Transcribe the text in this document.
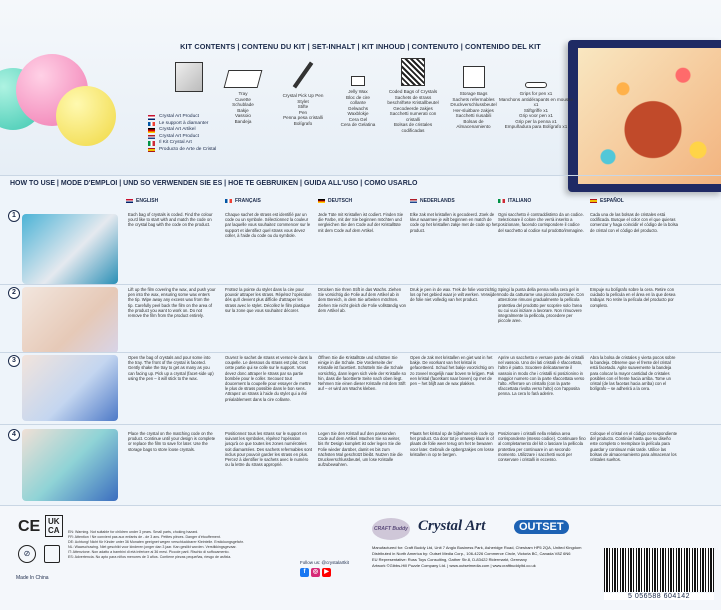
KIT CONTENTS | CONTENU DU KIT | SET-INHALT | KIT INHOUD | CONTENUTO | CONTENIDO DEL KIT
Tray
Cuvette
Schublade
Bakje
Vassoio
Bandeja
Crystal Pick Up Pen
Stylet
Stifte
Pen
Penna pesa cristalli
Bolígrafo
Jelly Wax
Bloc de cire collante
Gelwachs
Waxblokje
Cera Gel
Cera de Gelatina
Coded Bags of Crystals
Sachets de strass
beschriftete Kristallbeutel
Gecodeerde zakjes
Sacchetti numerati con cristalli
Bolsas de cristales codificadas
Storage Bags
Sachets refermables
Druckverschlussbeutel
Her-sluitbare zakjes
Sacchetti riusabili
Bolsas de Almacenamiento
Grips for pen x1
Manchons antidérapants en mousse x1
Stiftgriffe x1
Grip voor pen x1
Grip per la penna x1
Empuñadura para Bolígrafo x1
Crystal Art Product
Le support à diamanter
Crystal Art Artikel
Crystal Art Product
Il Kit Crystal Art
Producto de Arte de Cristal
HOW TO USE | MODE D'EMPLOI | UND SO VERWENDEN SIE ES | HOE TE GEBRUIKEN | GUIDA ALL'USO | COMO USARLO
ENGLISH	FRANÇAIS	DEUTSCH	NEDERLANDS	ITALIANO	ESPAÑOL
1	Each bag of crystals is coded. Find the colour you'd like to start with and match the code on the crystal bag with the code on the product.
Chaque sachet de strass est identifié par un code ou un symbole. Sélectionnez la couleur par laquelle vous souhaitez commencer sur le support et identifiez quel strass vous devez coller, à l'aide du code ou du symbole.
Jede Tüte mit Kristallen ist codiert. Finden Sie die Farbe, mit der Sie beginnen möchten und vergleichen Sie den Code auf der Kristalltüte mit dem Code auf dem Artikel.
Elke zak met kristallen is gecodeerd. Zoek de kleur waarmee je wilt beginnen en match de code op het kristallen zakje met de code op het product.
Ogni sacchetto è contraddistinto da un codice. Selezionare il colore che verrà inserito a posizionare, facendo corrispondere il codice del sacchetto al codice sul prodotto/immagine.
Cada una de las bolsas de cristales está codificada. Busque el color con el que quieras comenzar y haga coincidir el código de la bolsa de cristal con el código del producto.
2	Lift up the film covering the wax, and push your pen into the wax, ensuring some wax enters the tip. Wipe away any excess wax from the tip. Carefully peel back the film on the area of the product you want to work on. Do not remove the film from the product entirely.
Frottez la pointe du stylet dans la cire pour pouvoir attraper les strass. Répétez l'opération dès qu'il devient plus difficile d'attraper les strass avec le stylet. Décollez le film plastique sur la zone que vous souhaitez décorer.
Drücken Sie Ihren Stift in das Wachs. Ziehen Sie vorsichtig die Folie auf dem Artikel ab in dem Bereich, in dem Sie arbeiten möchten. Ziehen Sie nicht gleich die Folie vollständig von dem Artikel ab.
Druk je pen in de wax. Trek de folie voorzichtig los op het gebied waar je wilt werken. Verwijder de folie niet volledig van het product.
Spingi la punta della penna nella cera gel in modo da catturarne una piccola porzione. Con attenzione rimuovi gradualmente la pellicola protettiva del prodotto per scoprire solo l'area su cui vuoi iniziare a lavorare. Non rimuovere integralmente la pellicola, procedere per piccole aree.
Empuje su bolígrafo sobre la cera. Retire con cuidado la película en el área en la que desea trabajar. No retire la película del producto por completo.
3	Open the bag of crystals and pour some into the tray. The front of the crystal is faceted. Gently shake the tray to get as many as you can facing up. Pick up a crystal (facet-side up) using the pen – it will stick to the wax.
Ouvrez le sachet de strass et versez-le dans la coupelle. Le dessous du strass est plat, c'est cette partie qui se colle sur le support. Vous devez donc attraper le strass par sa partie bombée pour le coller. Secouez tout doucement la coupelle pour essayer de mettre le plus de strass possible dans le bon sens. Attrapez un strass à l'aide du stylet qui a été préalablement dans la cire collante.
Öffnen Sie die Kristalltüte und schütten Sie einige in die Schale. Die Vorderseite der Kristalle ist facettiert. Schütteln Sie die Schale vorsichtig, dann legen sich viele der Kristalle so hin, dass die facettierte Seite nach oben liegt. Nehmen Sie einen dieser Kristalle mit dem Stift auf – er wird am Wachs kleben.
Open de zak met kristallen en giet wat in het bakje. De voorkant van het kristal is gefacetteerd. Schud het bakje voorzichtig om zo zoveel mogelijk naar boven te krijgen. Pak een kristal (facetkant naar boven) op met de pen – het blijft aan de wax plakken.
Aprire un sacchetto e versare parte dei cristalli nel vassoio. Uno dei lati cristalli è sfaccettato, l'altro è piatto. Scuotere delicatamente il vassoio in modo che i cristalli si posizionino in maggior numero con la parte sfaccettata verso l'alto. Afferrare un cristallo (con la parte sfaccettata rivolta verso l'alto) con l'apposita penna. La cera lo farà aderire.
Abra la bolsa de cristales y vierta pocos sobre la bandeja. Observe que el frente del cristal está facetado. Agite suavemente la bandeja para colocar la mayor cantidad de cristales posibles con el frente hacia arriba. Tome un cristal (de las facetas hacia arriba) con el bolígrafo – se adherirá a la cera.
4	Place the crystal on the matching code on the product. Continue until your design is complete or replace the film to save for later. Use the storage bags to store loose crystals.
Positionnez tous les strass sur le support en suivant les symboles, répétez l'opération jusqu'à ce que toutes les zones numérotées soit diamantées. Des sachets refermables sont inclus pour pouvoir garder les strass en plus. Percez à identifier le sachets avec le numéro ou la lettre du strass approprié.
Legen Sie den Kristall auf den passenden Code auf dem Artikel. Machen Sie so weiter, bis Ihr Design komplett ist oder legen Sie die Folie wieder darüber, damit es bis zum nächsten Mal geschützt bleibt. Nutzen Sie die Druckverschlussbeutel, um lose Kristalle aufzubewahren.
Plaats het kristal op de bijbehorende code op het product. Ga door tot je ontwerp klaar is of plaats de folie weer terug om het te bewaren voor later. Gebruik de opbergzakjes om losse kristallen in op te bergen.
Posizionare i cristalli nella relativa area corrispondente (stesso codice). Continuare fino al completamento del kit o lasciare la pellicola protettiva per continuare in un secondo momento. Utilizzare i sacchetti vuoti per conservare i cristalli in eccesso.
Coloque el cristal en el código correspondiente del producto. Continúe hasta que su diseño este completo o reemplace la película para guardar y continuar más tarde. Utilice las bolsas de almacenamiento para almacenar los cristales sueltos.
CE UK
CA
⊘
Made In China
EN: Warning. Not suitable for children under 3 years. Small parts, choking hazard.
FR: Attention ! Ne convient pas aux enfants de - de 3 ans. Petites pièces. Danger d'étouffement.
DE: Achtung! Nicht für Kinder unter 36 Monaten geeignet wegen verschluckbarer Kleinteile. Erstickungsgefahr.
NL: Waarschuwing. Niet geschikt voor kinderen jonger dan 3 jaar. Kan geslikt worden. Verstikkingsgevaar.
IT: Attenzione. Non adatto a bambini di età inferiore ai 36 mesi. Piccole parti. Rischio di soffocamento.
ES: Advertencia. No apto para niños menores de 3 años. Contiene piezas pequeñas, riesgo de asfixia.
Follow us: @crystalartkit
f ◎ ▶
CRAFT Buddy Crystal Art	OUTSET
Manufactured for: Craft Buddy Ltd, Unit 7 Anglo Business Park, Asheridge Road, Chesham HP5 2QA, United Kingdom
Distributed in North America by: Outset Media Corp., 106-4226 Commerce Circle, Victoria BC, Canada V8Z 6N6
EU Representative: Russ Toys Consulting, Gather Str.8, D-83422 Ridermarkt, Germany
Artwork ©Gibbs-Hill Puzzle Company Ltd. | www.outsetmedia.com | www.craftbuddyltd.co.uk
5 056588 604142
